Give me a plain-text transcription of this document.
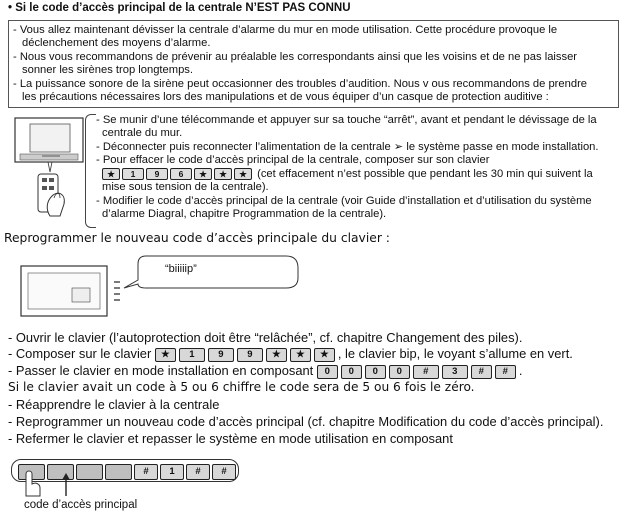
• Si le code d’accès principal de la centrale N’EST PAS CONNU

- Vous allez maintenant dévisser la centrale d’alarme du mur en mode utilisation. Cette procédure provoque le

déclenchement des moyens d’alarme.

- Nous vous recommandons de prévenir au préalable les correspondants ainsi que les voisins et de ne pas laisser

sonner les sirènes trop longtemps.

- La puissance sonore de la sirène peut occasionner des troubles d’audition. Nous v ous recommandons de prendre

les précautions nécessaires lors des manipulations et de vous équiper d’un casque de protection auditive :

- Se munir d’une télécommande et appuyer sur sa touche “arrêt”, avant et pendant le dévissage de la

centrale du mur.

- Déconnecter puis reconnecter l’alimentation de la centrale ➢ le système passe en mode installation.

- Pour effacer le code d’accès principal de la centrale, composer sur son clavier

★ 1 9 6 ★ ★ ★ (cet effacement n’est possible que pendant les 30 min qui suivent la

mise sous tension de la centrale).

- Modifier le code d’accès principal de la centrale (voir Guide d’installation et d’utilisation du système

d’alarme Diagral, chapitre Programmation de la centrale).

Reprogrammer le nouveau code d’accès principale du clavier :
“biiiiip”
- Ouvrir le clavier (l’autoprotection doit être “relâchée”, cf. chapitre Changement des piles).
- Composer sur le clavier ★ 1 9 9 ★ ★ ★ , le clavier bip, le voyant s’allume en vert.
- Passer le clavier en mode installation en composant 0 0 0 0 # 3 # # .
Si le clavier avait un code à 5 ou 6 chiffre le code sera de 5 ou 6 fois le zéro.
- Réapprendre le clavier à la centrale
- Reprogrammer un nouveau code d’accès principal (cf. chapitre Modification du code d’accès principal).
- Refermer le clavier et repasser le système en mode utilisation en composant
# 1 # #
code d’accès principal
